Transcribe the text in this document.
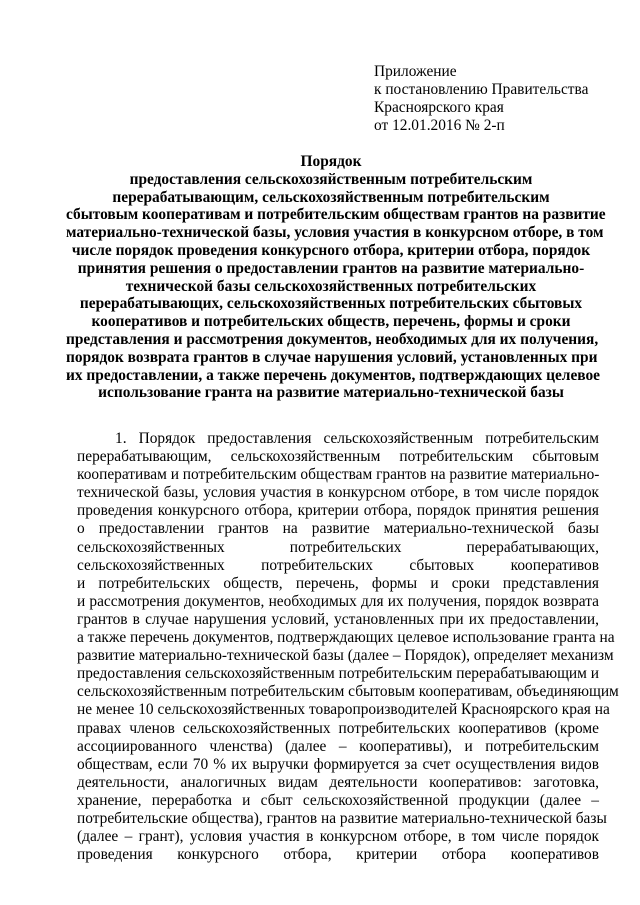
Приложение
к постановлению Правительства
Красноярского края
от 12.01.2016 № 2-п
Порядок
предоставления сельскохозяйственным потребительским
перерабатывающим, сельскохозяйственным потребительским
сбытовым кооперативам и потребительским обществам грантов на развитие
материально-технической базы, условия участия в конкурсном отборе, в том
числе порядок проведения конкурсного отбора, критерии отбора, порядок
принятия решения о предоставлении грантов на развитие материально-
технической базы сельскохозяйственных потребительских
перерабатывающих, сельскохозяйственных потребительских сбытовых
кооперативов и потребительских обществ, перечень, формы и сроки
представления и рассмотрения документов, необходимых для их получения,
порядок возврата грантов в случае нарушения условий, установленных при
их предоставлении, а также перечень документов, подтверждающих целевое
использование гранта на развитие материально-технической базы
1. Порядок предоставления сельскохозяйственным потребительским
перерабатывающим, сельскохозяйственным потребительским сбытовым
кооперативам и потребительским обществам грантов на развитие материально-
технической базы, условия участия в конкурсном отборе, в том числе порядок
проведения конкурсного отбора, критерии отбора, порядок принятия решения
о предоставлении грантов на развитие материально-технической базы
сельскохозяйственных потребительских перерабатывающих,
сельскохозяйственных потребительских сбытовых кооперативов
и потребительских обществ, перечень, формы и сроки представления
и рассмотрения документов, необходимых для их получения, порядок возврата
грантов в случае нарушения условий, установленных при их предоставлении,
а также перечень документов, подтверждающих целевое использование гранта на
развитие материально-технической базы (далее – Порядок), определяет механизм
предоставления сельскохозяйственным потребительским перерабатывающим и
сельскохозяйственным потребительским сбытовым кооперативам, объединяющим
не менее 10 сельскохозяйственных товаропроизводителей Красноярского края на
правах членов сельскохозяйственных потребительских кооперативов (кроме
ассоциированного членства) (далее – кооперативы), и потребительским
обществам, если 70 % их выручки формируется за счет осуществления видов
деятельности, аналогичных видам деятельности кооперативов: заготовка,
хранение, переработка и сбыт сельскохозяйственной продукции (далее –
потребительские общества), грантов на развитие материально-технической базы
(далее – грант), условия участия в конкурсном отборе, в том числе порядок
проведения конкурсного отбора, критерии отбора кооперативов
